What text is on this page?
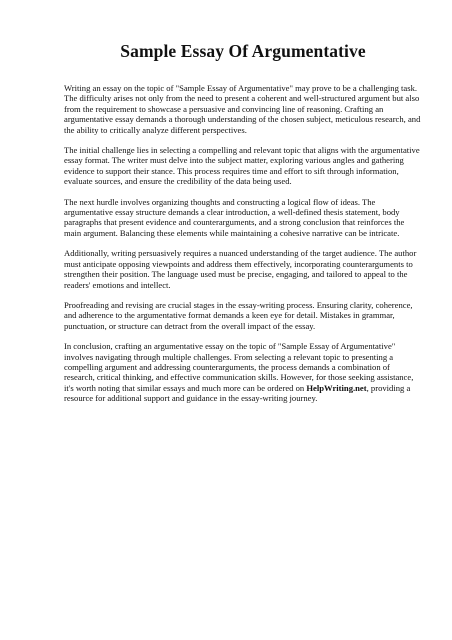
Sample Essay Of Argumentative

Writing an essay on the topic of "Sample Essay of Argumentative" may prove to be a challenging task. The difficulty arises not only from the need to present a coherent and well-structured argument but also from the requirement to showcase a persuasive and convincing line of reasoning. Crafting an argumentative essay demands a thorough understanding of the chosen subject, meticulous research, and the ability to critically analyze different perspectives.

The initial challenge lies in selecting a compelling and relevant topic that aligns with the argumentative essay format. The writer must delve into the subject matter, exploring various angles and gathering evidence to support their stance. This process requires time and effort to sift through information, evaluate sources, and ensure the credibility of the data being used.

The next hurdle involves organizing thoughts and constructing a logical flow of ideas. The argumentative essay structure demands a clear introduction, a well-defined thesis statement, body paragraphs that present evidence and counterarguments, and a strong conclusion that reinforces the main argument. Balancing these elements while maintaining a cohesive narrative can be intricate.

Additionally, writing persuasively requires a nuanced understanding of the target audience. The author must anticipate opposing viewpoints and address them effectively, incorporating counterarguments to strengthen their position. The language used must be precise, engaging, and tailored to appeal to the readers' emotions and intellect.

Proofreading and revising are crucial stages in the essay-writing process. Ensuring clarity, coherence, and adherence to the argumentative format demands a keen eye for detail. Mistakes in grammar, punctuation, or structure can detract from the overall impact of the essay.

In conclusion, crafting an argumentative essay on the topic of "Sample Essay of Argumentative" involves navigating through multiple challenges. From selecting a relevant topic to presenting a compelling argument and addressing counterarguments, the process demands a combination of research, critical thinking, and effective communication skills. However, for those seeking assistance, it's worth noting that similar essays and much more can be ordered on HelpWriting.net, providing a resource for additional support and guidance in the essay-writing journey.
